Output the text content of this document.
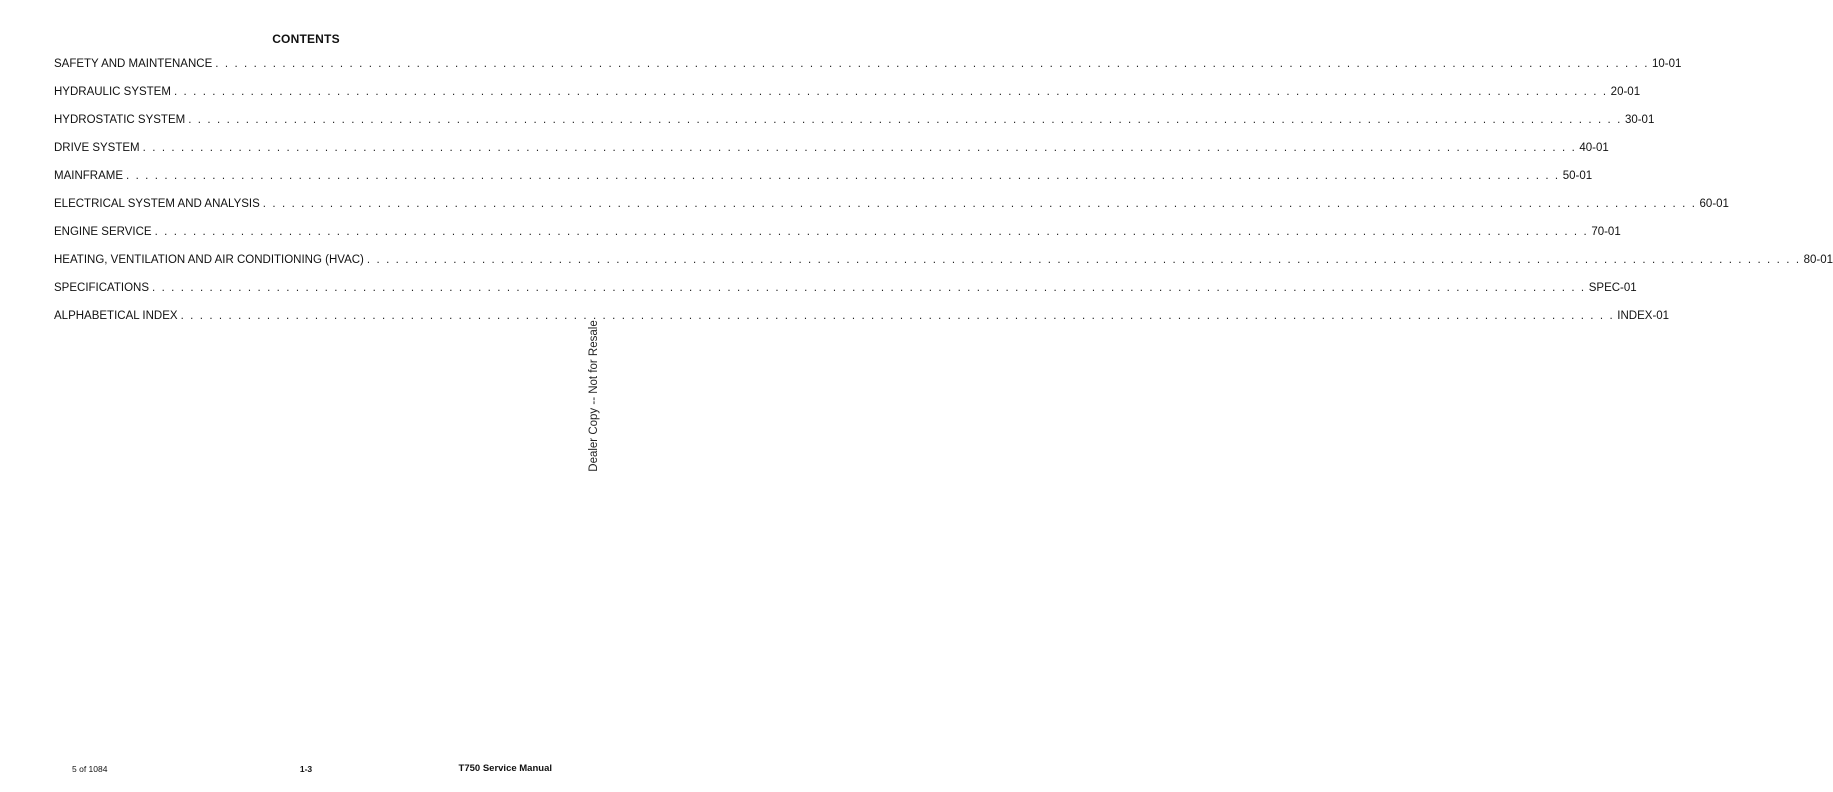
CONTENTS
SAFETY AND MAINTENANCE . . . . . . . . . . . . . . . . . . . . . . . . . . . . . . . . . . . . . . . . . . . . . . . . . . . . . . . . . . . . . . . . . . . . . . . . . . . . . . . . . . . . . . . . . . . . . . . . . . . . . . . . . . . . . . . . . . . . . . . . . . . . . . . . . . . . . . . . . . . . . . . . . . . . . . 10-01
HYDRAULIC SYSTEM . . . . . . . . . . . . . . . . . . . . . . . . . . . . . . . . . . . . . . . . . . . . . . . . . . . . . . . . . . . . . . . . . . . . . . . . . . . . . . . . . . . . . . . . . . . . . . . . . . . . . . . . . . . . . . . . . . . . . . . . . . . . . . . . . . . . . . . . . . . . . . . . . . . . . . 20-01
HYDROSTATIC SYSTEM . . . . . . . . . . . . . . . . . . . . . . . . . . . . . . . . . . . . . . . . . . . . . . . . . . . . . . . . . . . . . . . . . . . . . . . . . . . . . . . . . . . . . . . . . . . . . . . . . . . . . . . . . . . . . . . . . . . . . . . . . . . . . . . . . . . . . . . . . . . . . . . . . . . . . . 30-01
DRIVE SYSTEM . . . . . . . . . . . . . . . . . . . . . . . . . . . . . . . . . . . . . . . . . . . . . . . . . . . . . . . . . . . . . . . . . . . . . . . . . . . . . . . . . . . . . . . . . . . . . . . . . . . . . . . . . . . . . . . . . . . . . . . . . . . . . . . . . . . . . . . . . . . . . . . . . . . . . . 40-01
MAINFRAME . . . . . . . . . . . . . . . . . . . . . . . . . . . . . . . . . . . . . . . . . . . . . . . . . . . . . . . . . . . . . . . . . . . . . . . . . . . . . . . . . . . . . . . . . . . . . . . . . . . . . . . . . . . . . . . . . . . . . . . . . . . . . . . . . . . . . . . . . . . . . . . . . . . . . . 50-01
ELECTRICAL SYSTEM AND ANALYSIS . . . . . . . . . . . . . . . . . . . . . . . . . . . . . . . . . . . . . . . . . . . . . . . . . . . . . . . . . . . . . . . . . . . . . . . . . . . . . . . . . . . . . . . . . . . . . . . . . . . . . . . . . . . . . . . . . . . . . . . . . . . . . . . . . . . . . . . . . . . . . . . . . . . . . . 60-01
ENGINE SERVICE . . . . . . . . . . . . . . . . . . . . . . . . . . . . . . . . . . . . . . . . . . . . . . . . . . . . . . . . . . . . . . . . . . . . . . . . . . . . . . . . . . . . . . . . . . . . . . . . . . . . . . . . . . . . . . . . . . . . . . . . . . . . . . . . . . . . . . . . . . . . . . . . . . . . . . 70-01
HEATING, VENTILATION AND AIR CONDITIONING (HVAC) . . . . . . . . . . . . . . . . . . . . . . . . . . . . . . . . . . . . . . . . . . . . . . . . . . . . . . . . . . . . . . . . . . . . . . . . . . . . . . . . . . . . . . . . . . . . . . . . . . . . . . . . . . . . . . . . . . . . . . . . . . . . . . . . . . . . . . . . . . . . . . . . . . . . . . 80-01
SPECIFICATIONS . . . . . . . . . . . . . . . . . . . . . . . . . . . . . . . . . . . . . . . . . . . . . . . . . . . . . . . . . . . . . . . . . . . . . . . . . . . . . . . . . . . . . . . . . . . . . . . . . . . . . . . . . . . . . . . . . . . . . . . . . . . . . . . . . . . . . . . . . . . . . . . . . . . . . . SPEC-01
ALPHABETICAL INDEX . . . . . . . . . . . . . . . . . . . . . . . . . . . . . . . . . . . . . . . . . . . . . . . . . . . . . . . . . . . . . . . . . . . . . . . . . . . . . . . . . . . . . . . . . . . . . . . . . . . . . . . . . . . . . . . . . . . . . . . . . . . . . . . . . . . . . . . . . . . . . . . . . . . . . . INDEX-01
Dealer Copy -- Not for Resale
5 of 1084	1-3	T750 Service Manual
